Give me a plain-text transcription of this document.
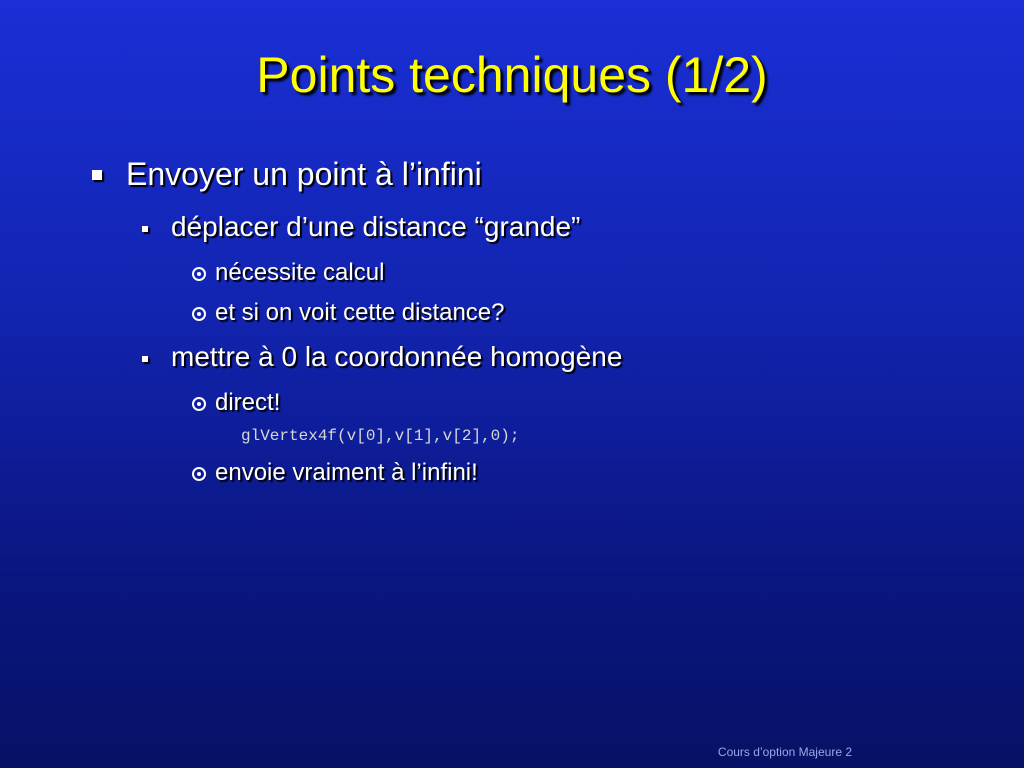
Points techniques (1/2)
Envoyer un point à l’infini
déplacer d’une distance “grande”
nécessite calcul
et si on voit cette distance?
mettre à 0 la coordonnée homogène
direct!
glVertex4f(v[0],v[1],v[2],0);
envoie vraiment à l’infini!
Cours d’option Majeure 2
